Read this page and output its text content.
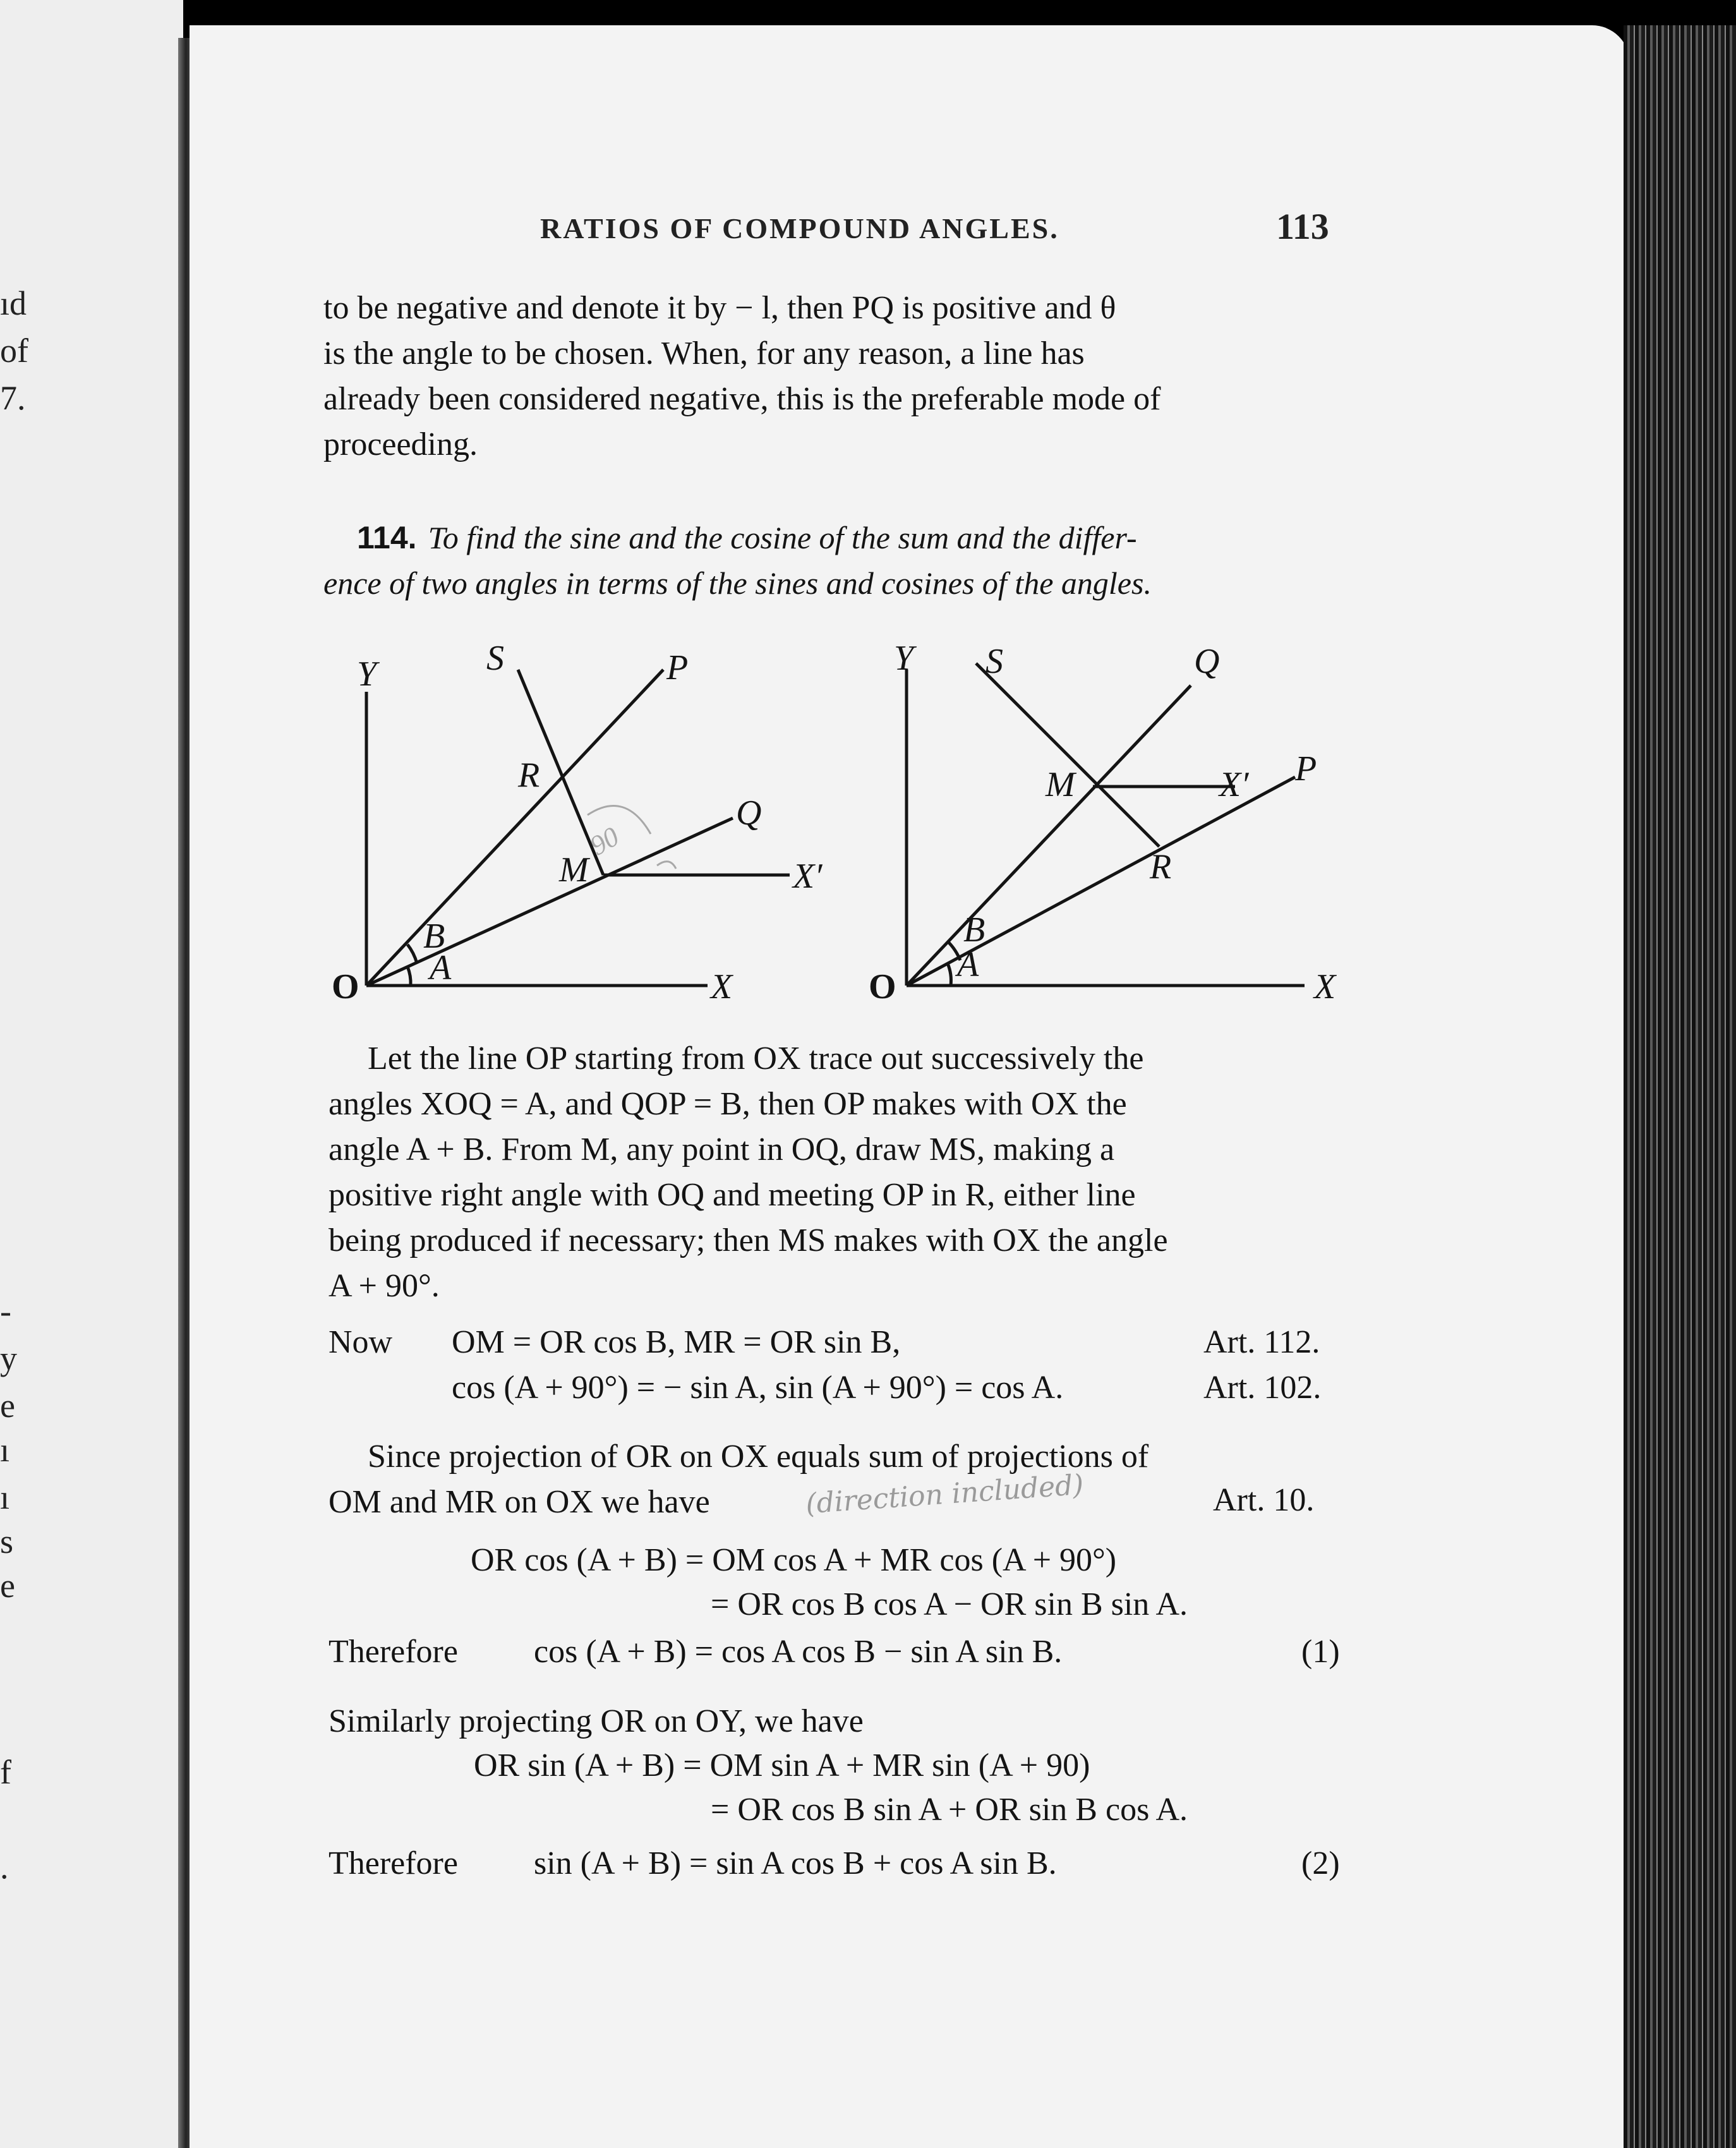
ıd
of
7.
-
y
e
ı
ı
s
e
f
.
RATIOS OF COMPOUND ANGLES.	113
to be negative and denote it by − l, then PQ is positive and θ
is the angle to be chosen. When, for any reason, a line has
already been considered negative, this is the preferable mode of
proceeding.
114. To find the sine and the cosine of the sum and the differ-
ence of two angles in terms of the sines and cosines of the angles.
90
Y	S	P
R
Q
M	X′
B
A
O	X
Y S	Q
M	X′ P
R
B
A
O	X
Let the line OP starting from OX trace out successively the
angles XOQ = A, and QOP = B, then OP makes with OX the
angle A + B. From M, any point in OQ, draw MS, making a
positive right angle with OQ and meeting OP in R, either line
being produced if necessary; then MS makes with OX the angle
A + 90°.
Now OM = OR cos B, MR = OR sin B,	Art. 112.
cos (A + 90°) = − sin A, sin (A + 90°) = cos A.	Art. 102.
Since projection of OR on OX equals sum of projections of
OM and MR on OX we have	(direction included)	Art. 10.
OR cos (A + B) = OM cos A + MR cos (A + 90°)
= OR cos B cos A − OR sin B sin A.
Therefore cos (A + B) = cos A cos B − sin A sin B.	(1)
Similarly projecting OR on OY, we have
OR sin (A + B) = OM sin A + MR sin (A + 90)
= OR cos B sin A + OR sin B cos A.
Therefore sin (A + B) = sin A cos B + cos A sin B.	(2)
